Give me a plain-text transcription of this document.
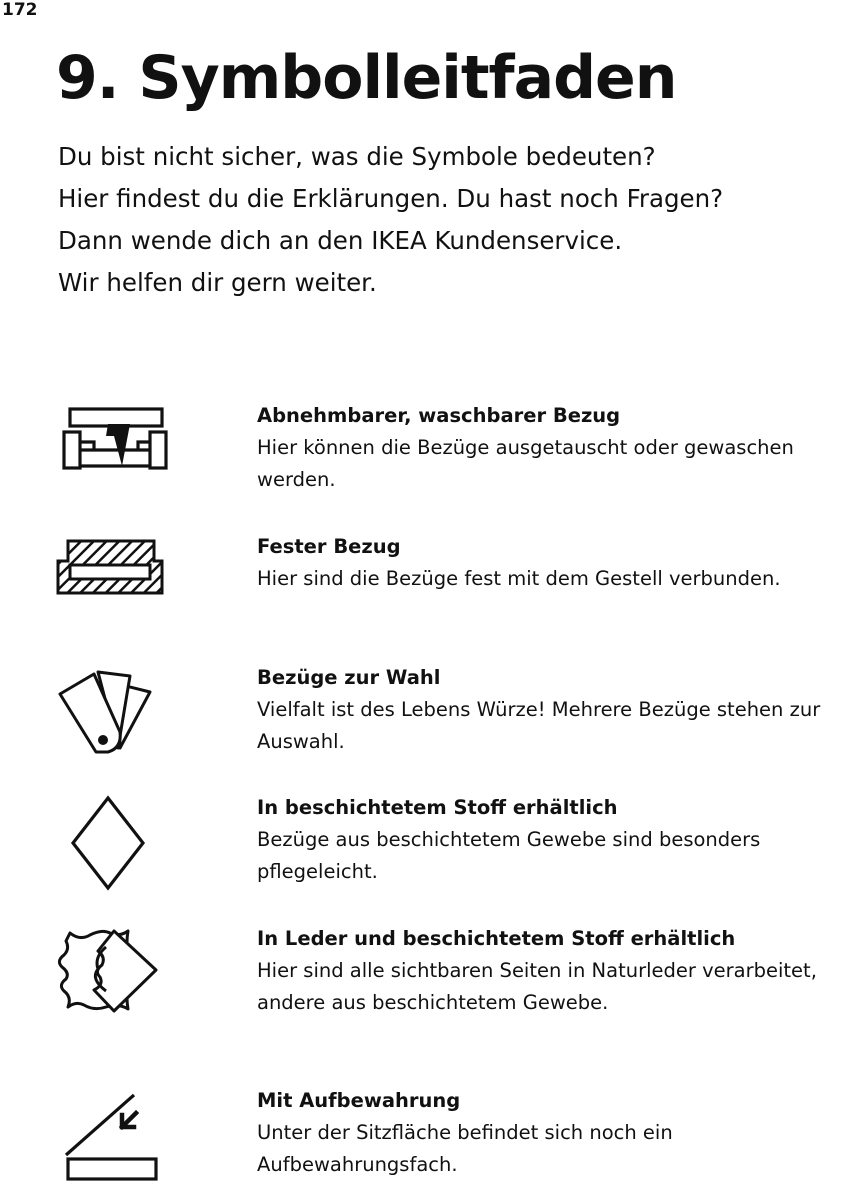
172
9. Symbolleitfaden
Du bist nicht sicher, was die Symbole bedeuten?
Hier findest du die Erklärungen. Du hast noch Fragen?
Dann wende dich an den IKEA Kundenservice.
Wir helfen dir gern weiter.

Abnehmbarer, waschbarer Bezug

Hier können die Bezüge ausgetauscht oder gewaschen werden.

Fester Bezug

Hier sind die Bezüge fest mit dem Gestell verbunden.

Bezüge zur Wahl

Vielfalt ist des Lebens Würze! Mehrere Bezüge stehen zur Auswahl.

In beschichtetem Stoff erhältlich

Bezüge aus beschichtetem Gewebe sind besonders pflegeleicht.

In Leder und beschichtetem Stoff erhältlich

Hier sind alle sichtbaren Seiten in Naturleder verarbeitet, andere aus beschichtetem Gewebe.

Mit Aufbewahrung

Unter der Sitzfläche befindet sich noch ein Aufbewahrungsfach.
